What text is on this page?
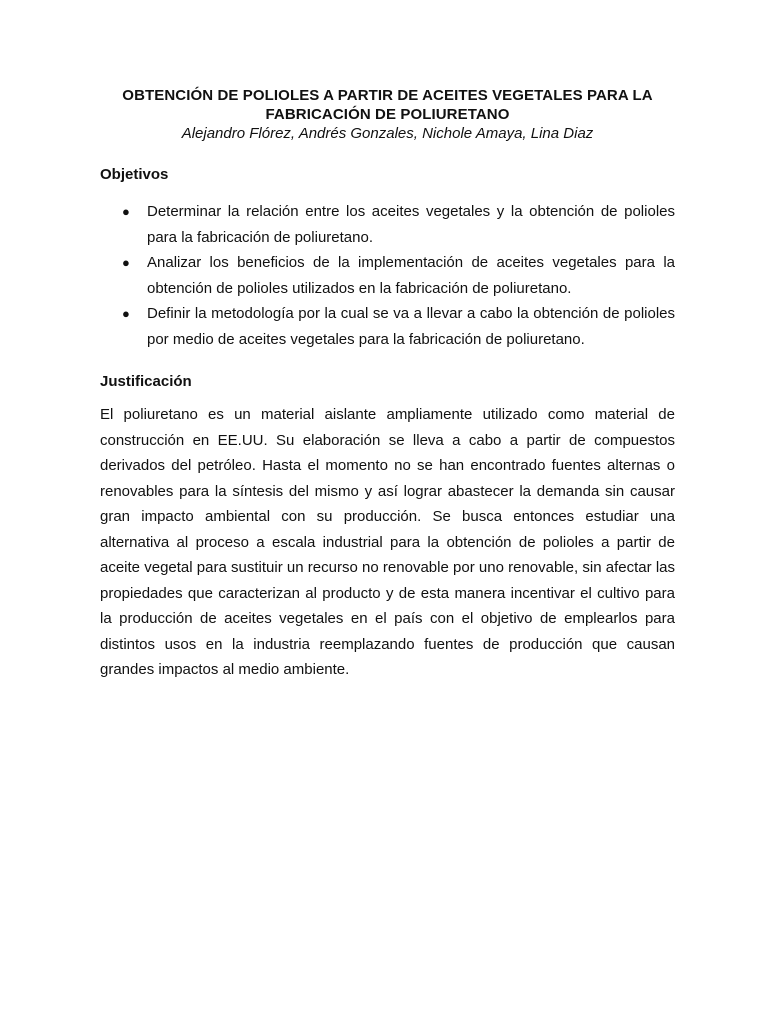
OBTENCIÓN DE POLIOLES A PARTIR DE ACEITES VEGETALES PARA LA
FABRICACIÓN DE POLIURETANO

Alejandro Flórez, Andrés Gonzales, Nichole Amaya, Lina Diaz

Objetivos
● Determinar la relación entre los aceites vegetales y la obtención de polioles para la fabricación de poliuretano.
● Analizar los beneficios de la implementación de aceites vegetales para la obtención de polioles utilizados en la fabricación de poliuretano.
● Definir la metodología por la cual se va a llevar a cabo la obtención de polioles por medio de aceites vegetales para la fabricación de poliuretano.
Justificación

El poliuretano es un material aislante ampliamente utilizado como material de construcción en EE.UU. Su elaboración se lleva a cabo a partir de compuestos derivados del petróleo. Hasta el momento no se han encontrado fuentes alternas o renovables para la síntesis del mismo y así lograr abastecer la demanda sin causar gran impacto ambiental con su producción. Se busca entonces estudiar una alternativa al proceso a escala industrial para la obtención de polioles a partir de aceite vegetal para sustituir un recurso no renovable por uno renovable, sin afectar las propiedades que caracterizan al producto y de esta manera incentivar el cultivo para la producción de aceites vegetales en el país con el objetivo de emplearlos para distintos usos en la industria reemplazando fuentes de producción que causan grandes impactos al medio ambiente.
